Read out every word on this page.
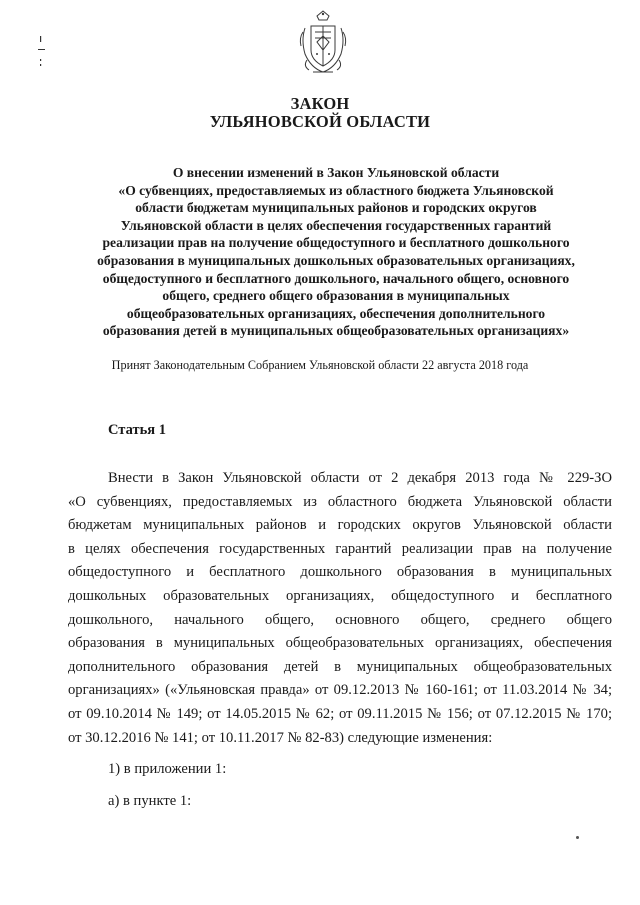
ЗАКОН
УЛЬЯНОВСКОЙ ОБЛАСТИ
О внесении изменений в Закон Ульяновской области
«О субвенциях, предоставляемых из областного бюджета Ульяновской
области бюджетам муниципальных районов и городских округов
Ульяновской области в целях обеспечения государственных гарантий
реализации прав на получение общедоступного и бесплатного дошкольного
образования в муниципальных дошкольных образовательных организациях,
общедоступного и бесплатного дошкольного, начального общего, основного
общего, среднего общего образования в муниципальных
общеобразовательных организациях, обеспечения дополнительного
образования детей в муниципальных общеобразовательных организациях»
Принят Законодательным Собранием Ульяновской области 22 августа 2018 года
Статья 1
Внести в Закон Ульяновской области от 2 декабря 2013 года № 229-ЗО
«О субвенциях, предоставляемых из областного бюджета Ульяновской области
бюджетам муниципальных районов и городских округов Ульяновской области
в целях обеспечения государственных гарантий реализации прав на получение
общедоступного и бесплатного дошкольного образования в муниципальных
дошкольных образовательных организациях, общедоступного и бесплатного
дошкольного, начального общего, основного общего, среднего общего
образования в муниципальных общеобразовательных организациях, обеспечения
дополнительного образования детей в муниципальных общеобразовательных
организациях» («Ульяновская правда» от 09.12.2013 № 160-161; от 11.03.2014 № 34;
от 09.10.2014 № 149; от 14.05.2015 № 62; от 09.11.2015 № 156; от 07.12.2015 № 170;
от 30.12.2016 № 141; от 10.11.2017 № 82-83) следующие изменения:
1) в приложении 1:
а) в пункте 1:
